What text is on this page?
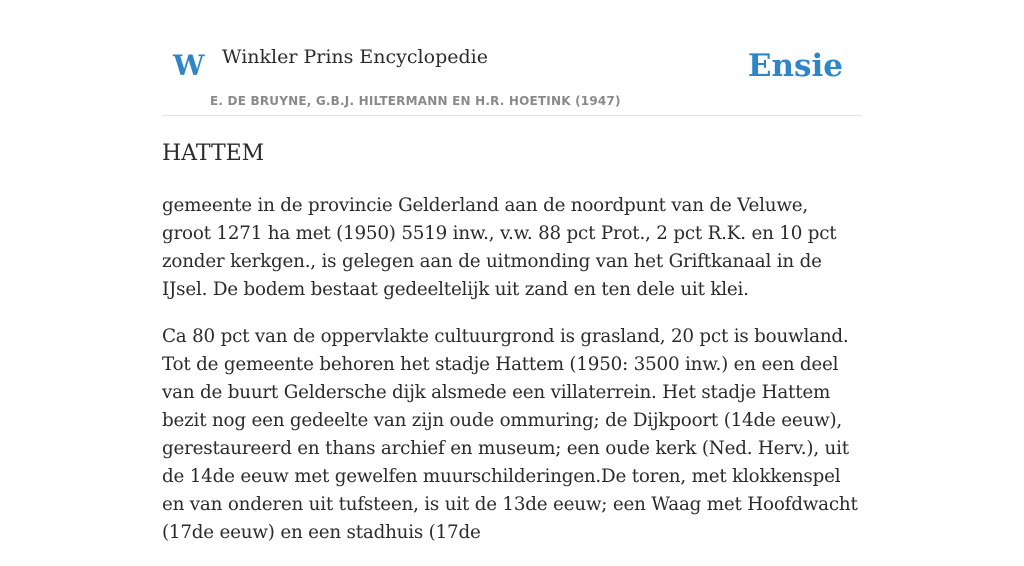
W Winkler Prins Encyclopedie	Ensie
E. DE BRUYNE, G.B.J. HILTERMANN EN H.R. HOETINK (1947)
HATTEM

gemeente in de provincie Gelderland aan de noordpunt van de Veluwe, groot 1271 ha met (1950) 5519 inw., v.w. 88 pct Prot., 2 pct R.K. en 10 pct zonder kerkgen., is gelegen aan de uitmonding van het Griftkanaal in de IJsel. De bodem bestaat gedeeltelijk uit zand en ten dele uit klei.

Ca 80 pct van de oppervlakte cultuurgrond is grasland, 20 pct is bouwland. Tot de gemeente behoren het stadje Hattem (1950: 3500 inw.) en een deel van de buurt Geldersche dijk alsmede een villaterrein. Het stadje Hattem bezit nog een gedeelte van zijn oude ommuring; de Dijkpoort (14de eeuw), gerestaureerd en thans archief en museum; een oude kerk (Ned. Herv.), uit de 14de eeuw met gewelfen muurschilderingen.De toren, met klokkenspel en van onderen uit tufsteen, is uit de 13de eeuw; een Waag met Hoofdwacht (17de eeuw) en een stadhuis (17de
